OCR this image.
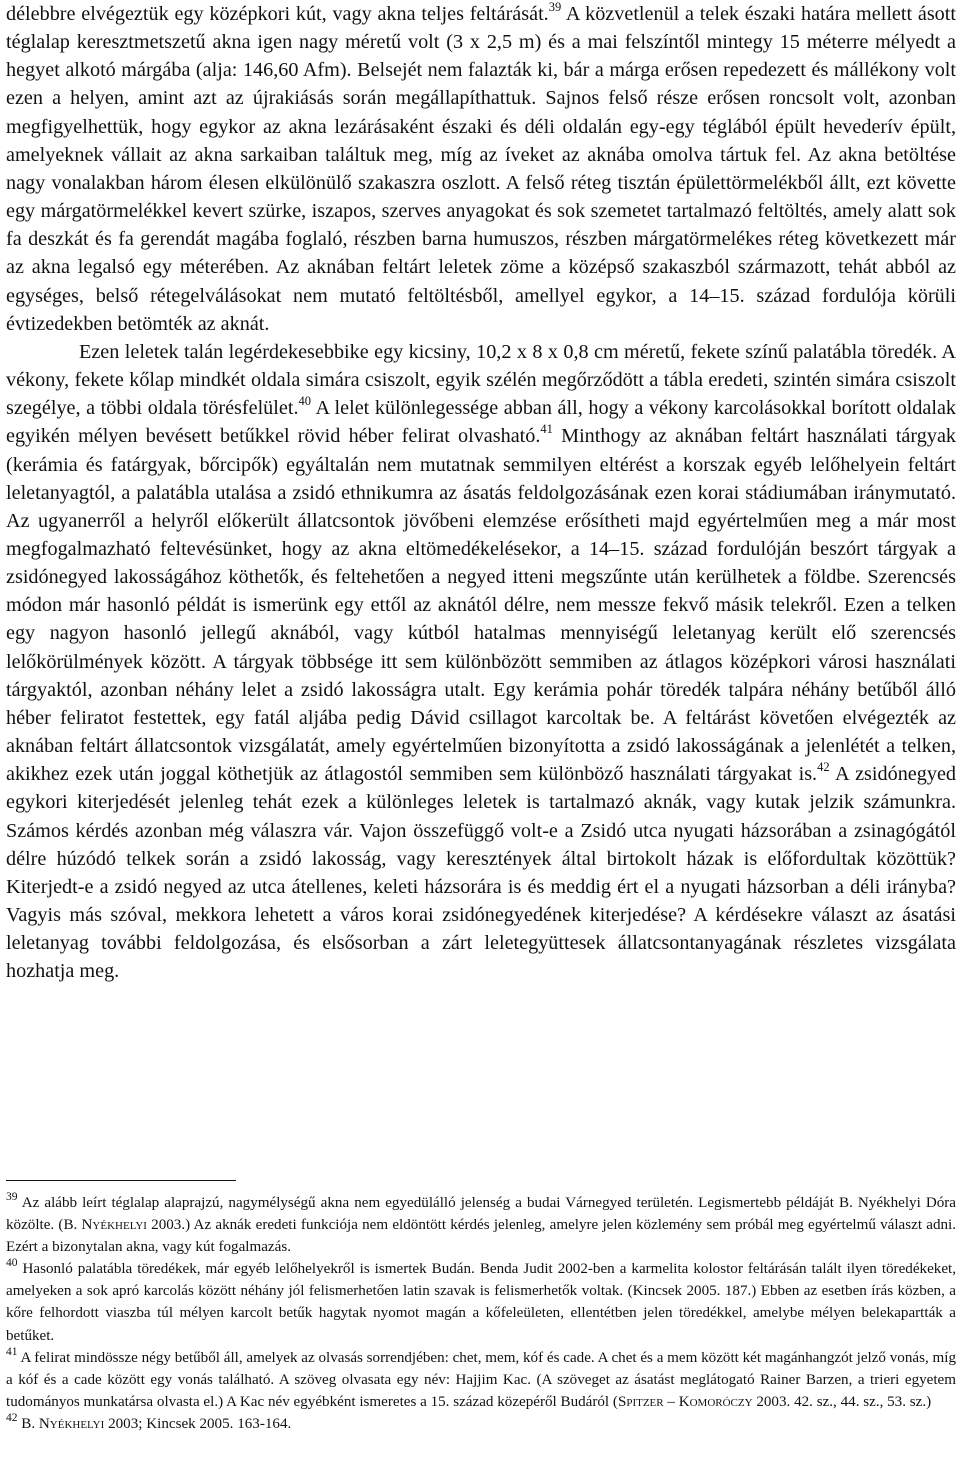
délebbre elvégeztük egy középkori kút, vagy akna teljes feltárását.$^{39}$ A közvetlenül a telek északi határa mellett ásott téglalap keresztmetszetű akna igen nagy méretű volt (3 x 2,5 m) és a mai felszíntől mintegy 15 méterre mélyedt a hegyet alkotó márgába (alja: 146,60 Afm). Belsejét nem falazták ki, bár a márga erősen repedezett és mállékony volt ezen a helyen, amint azt az újrakiásás során megállapíthattuk. Sajnos felső része erősen roncsolt volt, azonban megfigyelhettük, hogy egykor az akna lezárásaként északi és déli oldalán egy-egy téglából épült hevederív épült, amelyeknek vállait az akna sarkaiban találtuk meg, míg az íveket az aknába omolva tártuk fel. Az akna betöltése nagy vonalakban három élesen elkülönülő szakaszra oszlott. A felső réteg tisztán épülettörmelékből állt, ezt követte egy márgatörmelékkel kevert szürke, iszapos, szerves anyagokat és sok szemetet tartalmazó feltöltés, amely alatt sok fa deszkát és fa gerendát magába foglaló, részben barna humuszos, részben márgatörmelékes réteg következett már az akna legalsó egy méterében. Az aknában feltárt leletek zöme a középső szakaszból származott, tehát abból az egységes, belső rétegelválásokat nem mutató feltöltésből, amellyel egykor, a 14–15. század fordulója körüli évtizedekben betömték az aknát.

Ezen leletek talán legérdekesebbike egy kicsiny, 10,2 x 8 x 0,8 cm méretű, fekete színű palatábla töredék. A vékony, fekete kőlap mindkét oldala simára csiszolt, egyik szélén megőrződött a tábla eredeti, szintén simára csiszolt szegélye, a többi oldala törésfelület.$^{40}$ A lelet különlegessége abban áll, hogy a vékony karcolásokkal borított oldalak egyikén mélyen bevésett betűkkel rövid héber felirat olvasható.$^{41}$ Minthogy az aknában feltárt használati tárgyak (kerámia és fatárgyak, bőrcipők) egyáltalán nem mutatnak semmilyen eltérést a korszak egyéb lelőhelyein feltárt leletanyagtól, a palatábla utalása a zsidó ethnikumra az ásatás feldolgozásának ezen korai stádiumában iránymutató. Az ugyanerről a helyről előkerült állatcsontok jövőbeni elemzése erősítheti majd egyértelműen meg a már most megfogalmazható feltevésünket, hogy az akna eltömedékelésekor, a 14–15. század fordulóján beszórt tárgyak a zsidónegyed lakosságához köthetők, és feltehetően a negyed itteni megszűnte után kerülhetek a földbe. Szerencsés módon már hasonló példát is ismerünk egy ettől az aknától délre, nem messze fekvő másik telekről. Ezen a telken egy nagyon hasonló jellegű aknából, vagy kútból hatalmas mennyiségű leletanyag került elő szerencsés lelőkörülmények között. A tárgyak többsége itt sem különbözött semmiben az átlagos középkori városi használati tárgyaktól, azonban néhány lelet a zsidó lakosságra utalt. Egy kerámia pohár töredék talpára néhány betűből álló héber feliratot festettek, egy fatál aljába pedig Dávid csillagot karcoltak be. A feltárást követően elvégezték az aknában feltárt állatcsontok vizsgálatát, amely egyértelműen bizonyította a zsidó lakosságának a jelenlétét a telken, akikhez ezek után joggal köthetjük az átlagostól semmiben sem különböző használati tárgyakat is.$^{42}$ A zsidónegyed egykori kiterjedését jelenleg tehát ezek a különleges leletek is tartalmazó aknák, vagy kutak jelzik számunkra. Számos kérdés azonban még válaszra vár. Vajon összefüggő volt-e a Zsidó utca nyugati házsorában a zsinagógától délre húzódó telkek során a zsidó lakosság, vagy keresztények által birtokolt házak is előfordultak közöttük? Kiterjedt-e a zsidó negyed az utca átellenes, keleti házsorára is és meddig ért el a nyugati házsorban a déli irányba? Vagyis más szóval, mekkora lehetett a város korai zsidónegyedének kiterjedése? A kérdésekre választ az ásatási leletanyag további feldolgozása, és elsősorban a zárt leletegyüttesek állatcsontanyagának részletes vizsgálata hozhatja meg.

$^{39}$ Az alább leírt téglalap alaprajzú, nagymélységű akna nem egyedülálló jelenség a budai Várnegyed területén. Legismertebb példáját B. Nyékhelyi Dóra közölte. (B. Nyékhelyi 2003.) Az aknák eredeti funkciója nem eldöntött kérdés jelenleg, amelyre jelen közlemény sem próbál meg egyértelmű választ adni. Ezért a bizonytalan akna, vagy kút fogalmazás.

$^{40}$ Hasonló palatábla töredékek, már egyéb lelőhelyekről is ismertek Budán. Benda Judit 2002-ben a karmelita kolostor feltárásán talált ilyen töredékeket, amelyeken a sok apró karcolás között néhány jól felismerhetően latin szavak is felismerhetők voltak. (Kincsek 2005. 187.) Ebben az esetben írás közben, a kőre felhordott viaszba túl mélyen karcolt betűk hagytak nyomot magán a kőfeleületen, ellentétben jelen töredékkel, amelybe mélyen belekapartták a betűket.

$^{41}$ A felirat mindössze négy betűből áll, amelyek az olvasás sorrendjében: chet, mem, kóf és cade. A chet és a mem között két magánhangzót jelző vonás, míg a kóf és a cade között egy vonás található. A szöveg olvasata egy név: Hajjim Kac. (A szöveget az ásatást meglátogató Rainer Barzen, a trieri egyetem tudományos munkatársa olvasta el.) A Kac név egyébként ismeretes a 15. század közepéről Budáról (Spitzer – Komoróczy 2003. 42. sz., 44. sz., 53. sz.)

$^{42}$ B. Nyékhelyi 2003; Kincsek 2005. 163-164.
